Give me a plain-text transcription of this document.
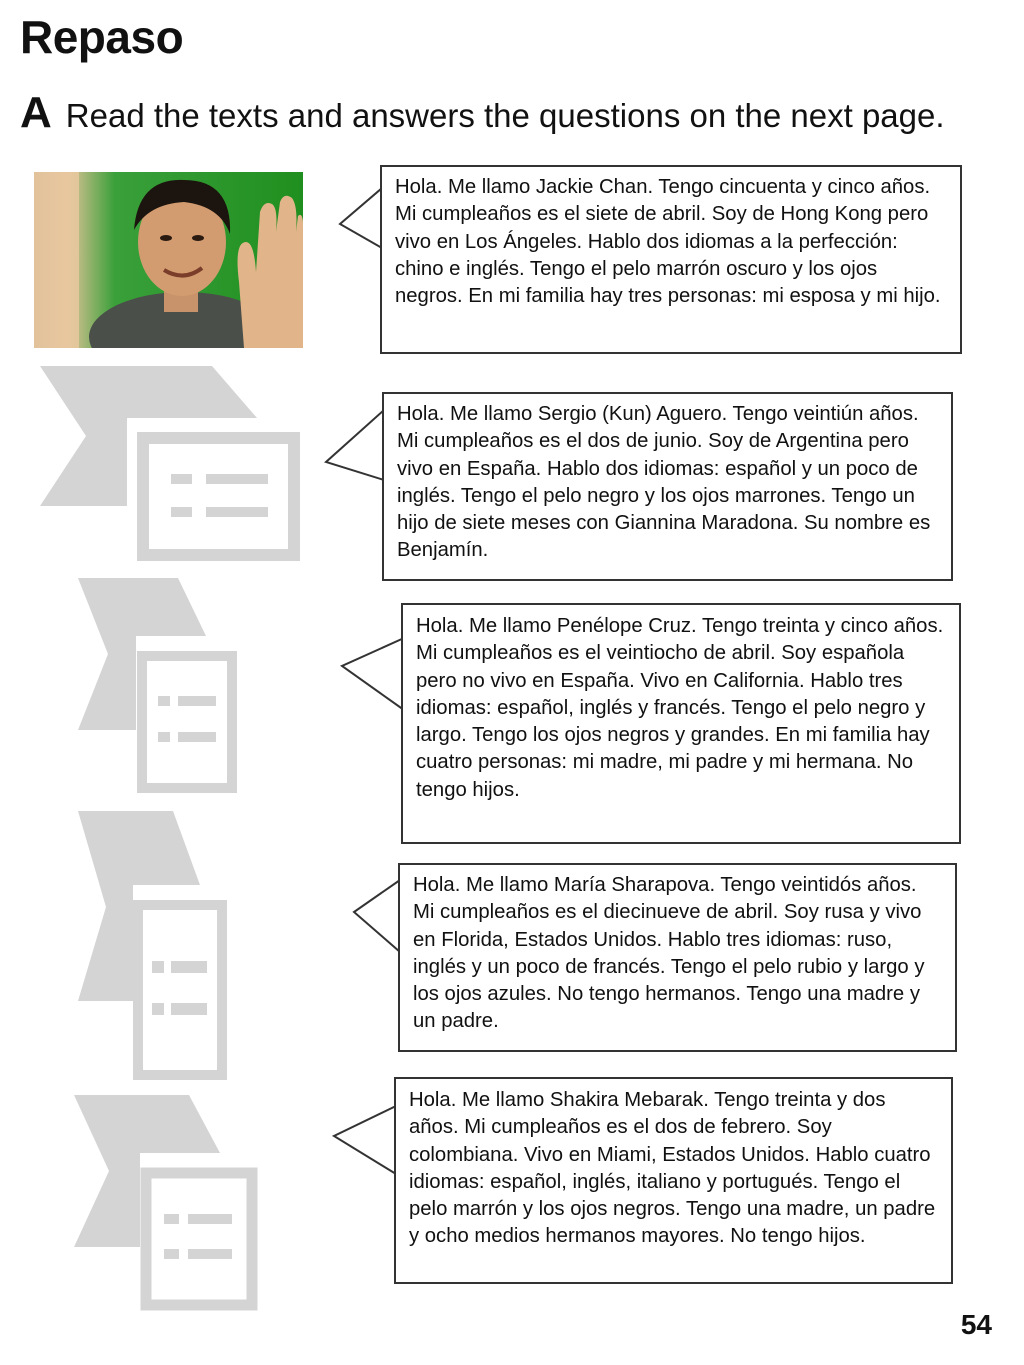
Repaso
A Read the texts and answers the questions on the next page.

Hola. Me llamo Jackie Chan. Tengo cincuenta y cinco años. Mi cumpleaños es el siete de abril. Soy de Hong Kong pero vivo en Los Ángeles. Hablo dos idiomas a la perfección: chino e inglés. Tengo el pelo marrón oscuro y los ojos negros. En mi familia hay tres personas: mi esposa y mi hijo.

Hola. Me llamo Sergio (Kun) Aguero. Tengo veintiún años. Mi cumpleaños es el dos de junio. Soy de Argentina pero vivo en España. Hablo dos idiomas: español y un poco de inglés. Tengo el pelo negro y los ojos marrones. Tengo un hijo de siete meses con Giannina Maradona. Su nombre es Benjamín.

Hola. Me llamo Penélope Cruz. Tengo treinta y cinco años. Mi cumpleaños es el veintiocho de abril. Soy española pero no vivo en España. Vivo en California. Hablo tres idiomas: español, inglés y francés. Tengo el pelo negro y largo. Tengo los ojos negros y grandes. En mi familia hay cuatro personas: mi madre, mi padre y mi hermana. No tengo hijos.

Hola. Me llamo María Sharapova. Tengo veintidós años. Mi cumpleaños es el diecinueve de abril. Soy rusa y vivo en Florida, Estados Unidos. Hablo tres idiomas: ruso, inglés y un poco de francés. Tengo el pelo rubio y largo y los ojos azules. No tengo hermanos. Tengo una madre y un padre.

Hola. Me llamo Shakira Mebarak. Tengo treinta y dos años. Mi cumpleaños es el dos de febrero. Soy colombiana. Vivo en Miami, Estados Unidos. Hablo cuatro idiomas: español, inglés, italiano y portugués. Tengo el pelo marrón y los ojos negros. Tengo una madre, un padre y ocho medios hermanos mayores. No tengo hijos.

54
